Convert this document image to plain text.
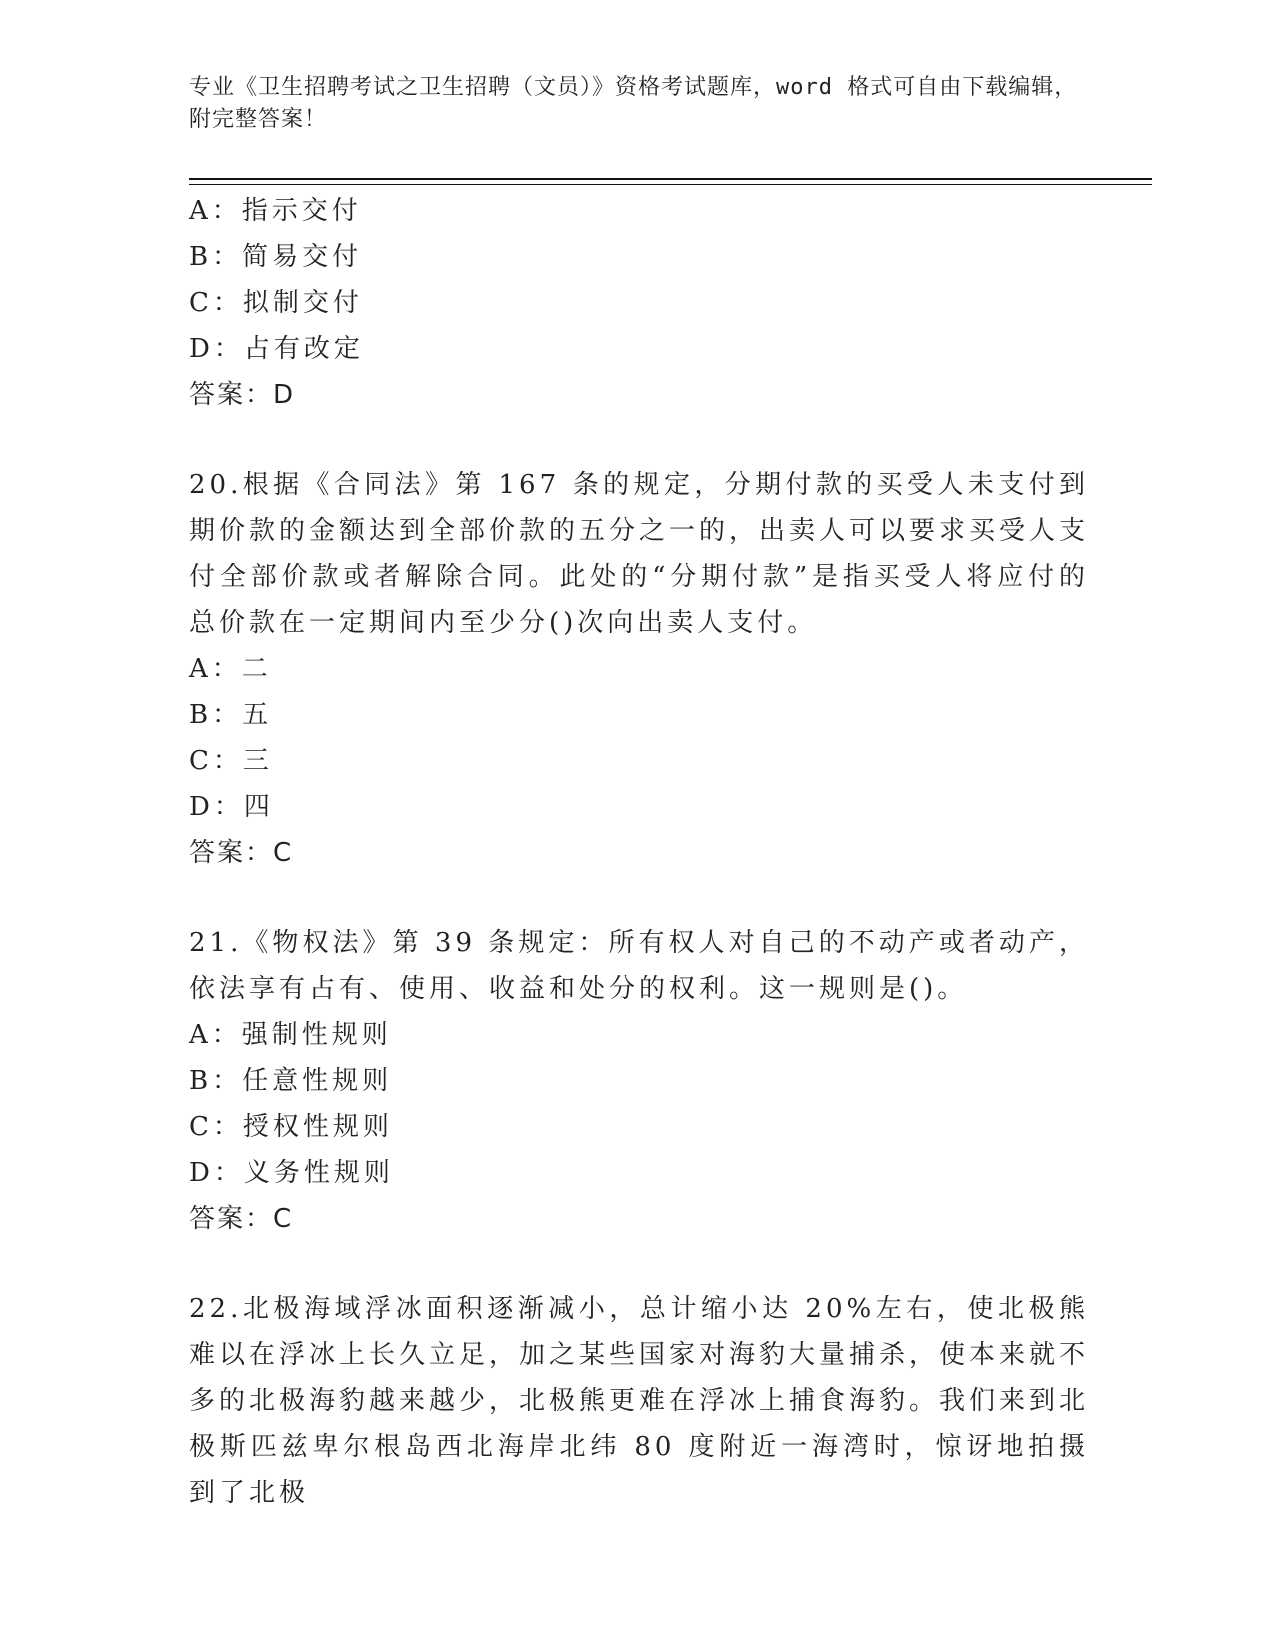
专业《卫生招聘考试之卫生招聘（文员）》资格考试题库，word 格式可自由下载编辑，附完整答案！
A：指示交付
B：简易交付
C：拟制交付
D：占有改定
答案：D
20.根据《合同法》第 167 条的规定，分期付款的买受人未支付到期价款的金额达到全部价款的五分之一的，出卖人可以要求买受人支付全部价款或者解除合同。此处的“分期付款”是指买受人将应付的总价款在一定期间内至少分()次向出卖人支付。
A：二
B：五
C：三
D：四
答案：C
21.《物权法》第 39 条规定：所有权人对自己的不动产或者动产，依法享有占有、使用、收益和处分的权利。这一规则是()。
A：强制性规则
B：任意性规则
C：授权性规则
D：义务性规则
答案：C
22.北极海域浮冰面积逐渐减小，总计缩小达 20%左右，使北极熊难以在浮冰上长久立足，加之某些国家对海豹大量捕杀，使本来就不多的北极海豹越来越少，北极熊更难在浮冰上捕食海豹。我们来到北极斯匹兹卑尔根岛西北海岸北纬 80 度附近一海湾时，惊讶地拍摄到了北极
